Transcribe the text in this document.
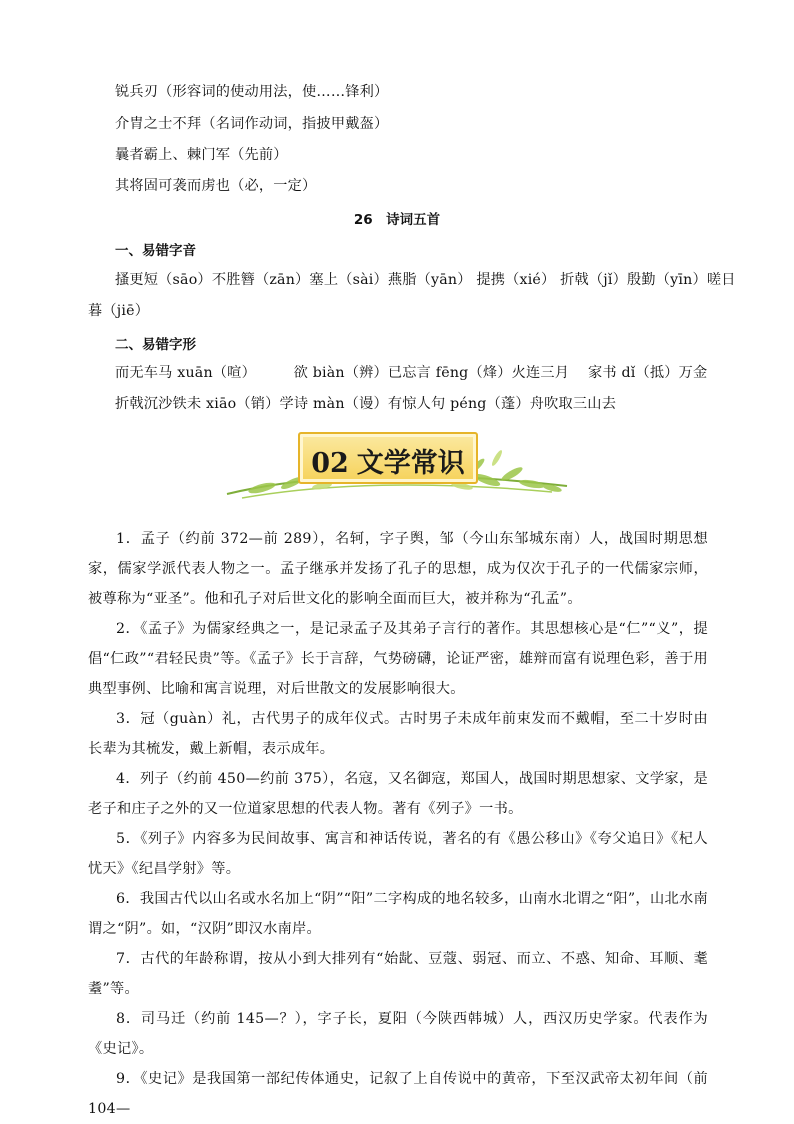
锐兵刃（形容词的使动用法，使……锋利）
介胄之士不拜（名词作动词，指披甲戴盔）
曩者霸上、棘门军（先前）
其将固可袭而虏也（必，一定）
26　诗词五首
一、易错字音
搔更短（sāo）不胜簪（zān）塞上（sài）燕脂（yān） 提携（xié） 折戟（jǐ）殷勤（yīn）嗟日
暮（jiē）
二、易错字形
而无车马 xuān（喧）        欲 biàn（辨）已忘言 fēng（烽）火连三月    家书 dǐ（抵）万金
折戟沉沙铁未 xiāo（销）学诗 màn（谩）有惊人句 péng（蓬）舟吹取三山去
02 文学常识

1．孟子（约前 372—前 289），名轲，字子舆，邹（今山东邹城东南）人，战国时期思想家，儒家学派代表人物之一。孟子继承并发扬了孔子的思想，成为仅次于孔子的一代儒家宗师，被尊称为“亚圣”。他和孔子对后世文化的影响全面而巨大，被并称为“孔孟”。

2．《孟子》为儒家经典之一，是记录孟子及其弟子言行的著作。其思想核心是“仁”“义”，提倡“仁政”“君轻民贵”等。《孟子》长于言辞，气势磅礴，论证严密，雄辩而富有说理色彩，善于用典型事例、比喻和寓言说理，对后世散文的发展影响很大。

3．冠（guàn）礼，古代男子的成年仪式。古时男子未成年前束发而不戴帽，至二十岁时由长辈为其梳发，戴上新帽，表示成年。

4．列子（约前 450—约前 375），名寇，又名御寇，郑国人，战国时期思想家、文学家，是老子和庄子之外的又一位道家思想的代表人物。著有《列子》一书。

5．《列子》内容多为民间故事、寓言和神话传说，著名的有《愚公移山》《夸父追日》《杞人忧天》《纪昌学射》等。

6．我国古代以山名或水名加上“阴”“阳”二字构成的地名较多，山南水北谓之“阳”，山北水南谓之“阴”。如，“汉阴”即汉水南岸。

7．古代的年龄称谓，按从小到大排列有“始龀、豆蔻、弱冠、而立、不惑、知命、耳顺、耄耋”等。

8．司马迁（约前 145—？），字子长，夏阳（今陕西韩城）人，西汉历史学家。代表作为《史记》。

9．《史记》是我国第一部纪传体通史，记叙了上自传说中的黄帝，下至汉武帝太初年间（前 104—
